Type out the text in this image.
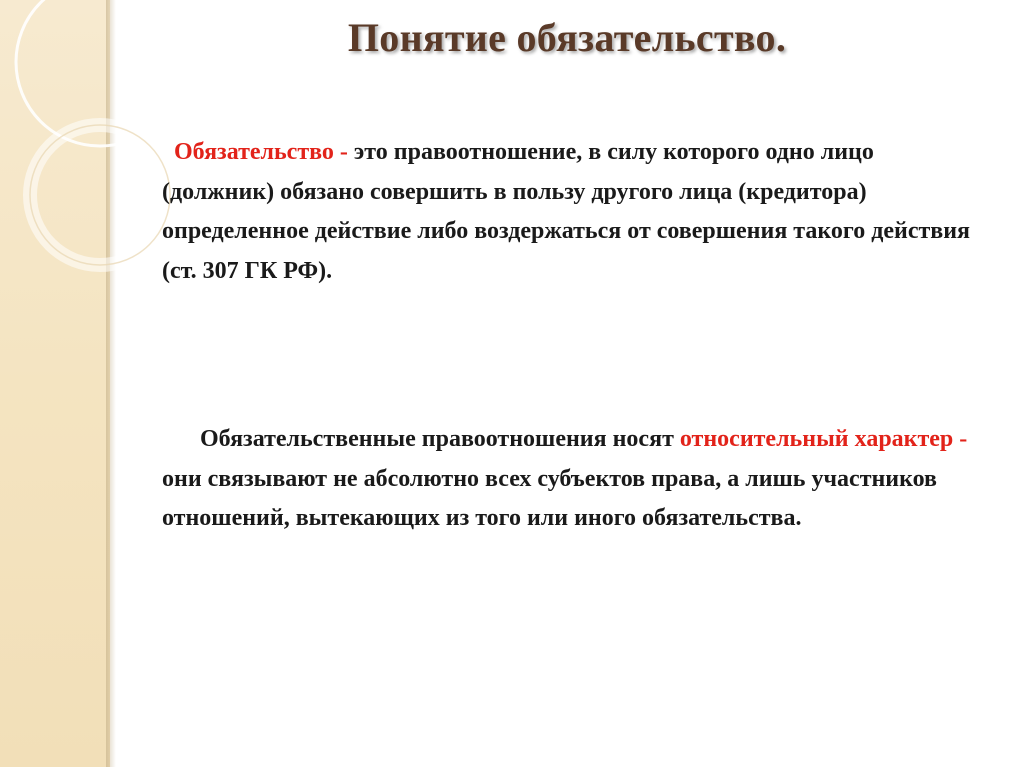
Понятие обязательство.
Обязательство - это правоотношение, в силу которого одно лицо (должник) обязано совершить в пользу другого лица (кредитора) определенное действие либо воздержаться от совершения такого действия (ст. 307 ГК РФ).
Обязательственные правоотношения носят относительный характер - они связывают не абсолютно всех субъектов права, а лишь участников отношений, вытекающих из того или иного обязательства.
